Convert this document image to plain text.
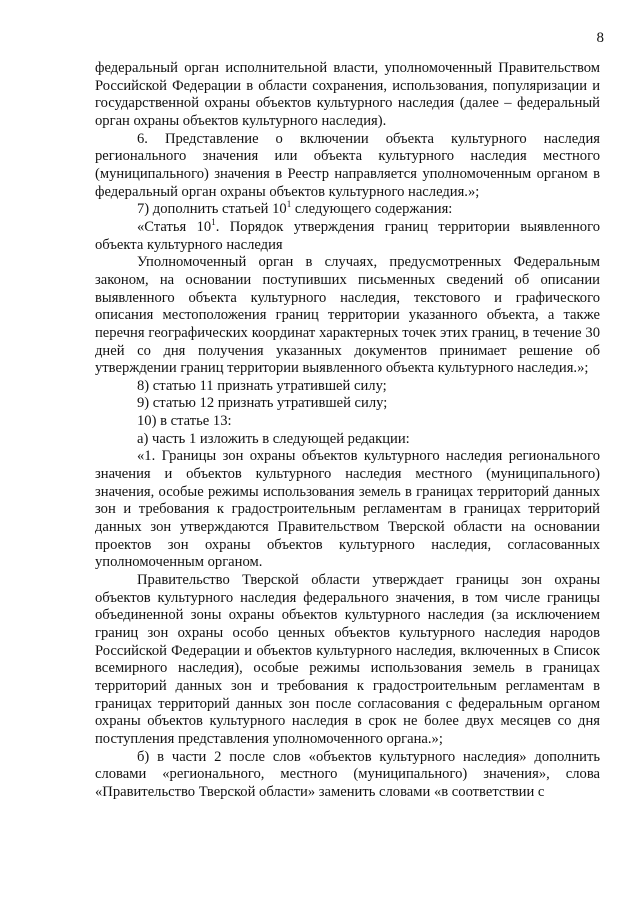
8

федеральный орган исполнительной власти, уполномоченный Правительством Российской Федерации в области сохранения, использования, популяризации и государственной охраны объектов культурного наследия (далее – федеральный орган охраны объектов культурного наследия).

6. Представление о включении объекта культурного наследия регионального значения или объекта культурного наследия местного (муниципального) значения в Реестр направляется уполномоченным органом в федеральный орган охраны объектов культурного наследия.»;

7) дополнить статьей $10^1$ следующего содержания:

«Статья $10^1$. Порядок утверждения границ территории выявленного объекта культурного наследия

Уполномоченный орган в случаях, предусмотренных Федеральным законом, на основании поступивших письменных сведений об описании выявленного объекта культурного наследия, текстового и графического описания местоположения границ территории указанного объекта, а также перечня географических координат характерных точек этих границ, в течение 30 дней со дня получения указанных документов принимает решение об утверждении границ территории выявленного объекта культурного наследия.»;

8) статью 11 признать утратившей силу;

9) статью 12 признать утратившей силу;

10) в статье 13:

а) часть 1 изложить в следующей редакции:

«1. Границы зон охраны объектов культурного наследия регионального значения и объектов культурного наследия местного (муниципального) значения, особые режимы использования земель в границах территорий данных зон и требования к градостроительным регламентам в границах территорий данных зон утверждаются Правительством Тверской области на основании проектов зон охраны объектов культурного наследия, согласованных уполномоченным органом.

Правительство Тверской области утверждает границы зон охраны объектов культурного наследия федерального значения, в том числе границы объединенной зоны охраны объектов культурного наследия (за исключением границ зон охраны особо ценных объектов культурного наследия народов Российской Федерации и объектов культурного наследия, включенных в Список всемирного наследия), особые режимы использования земель в границах территорий данных зон и требования к градостроительным регламентам в границах территорий данных зон после согласования с федеральным органом охраны объектов культурного наследия в срок не более двух месяцев со дня поступления представления уполномоченного органа.»;

б) в части 2 после слов «объектов культурного наследия» дополнить словами «регионального, местного (муниципального) значения», слова «Правительство Тверской области» заменить словами «в соответствии с
